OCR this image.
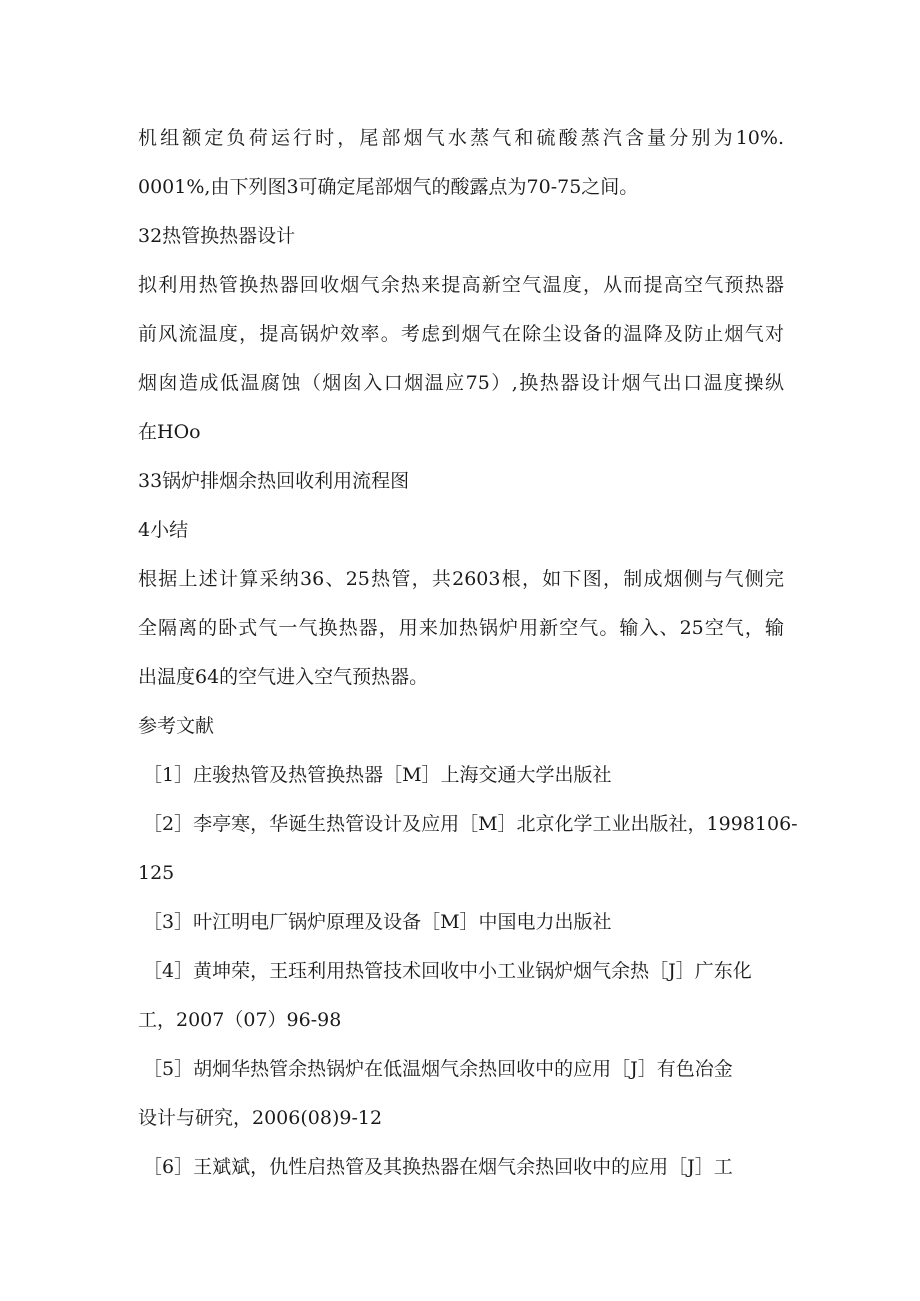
机组额定负荷运行时，尾部烟气水蒸气和硫酸蒸汽含量分别为10%.
0001%,由下列图3可确定尾部烟气的酸露点为70-75之间。
32热管换热器设计
拟利用热管换热器回收烟气余热来提高新空气温度，从而提高空气预热器
前风流温度，提高锅炉效率。考虑到烟气在除尘设备的温降及防止烟气对
烟囱造成低温腐蚀（烟囱入口烟温应75）,换热器设计烟气出口温度操纵
在HOo
33锅炉排烟余热回收利用流程图
4小结
根据上述计算采纳36、25热管，共2603根，如下图，制成烟侧与气侧完
全隔离的卧式气一气换热器，用来加热锅炉用新空气。输入、25空气，输
出温度64的空气进入空气预热器。
参考文献
［1］庄骏热管及热管换热器［M］上海交通大学出版社
［2］李亭寒，华诞生热管设计及应用［M］北京化学工业出版社，1998106-
125
［3］叶江明电厂锅炉原理及设备［M］中国电力出版社
［4］黄坤荣，王珏利用热管技术回收中小工业锅炉烟气余热［J］广东化
工，2007（07）96-98
［5］胡炯华热管余热锅炉在低温烟气余热回收中的应用［J］有色冶金
设计与研究，2006(08)9-12
［6］王斌斌，仇性启热管及其换热器在烟气余热回收中的应用［J］工
